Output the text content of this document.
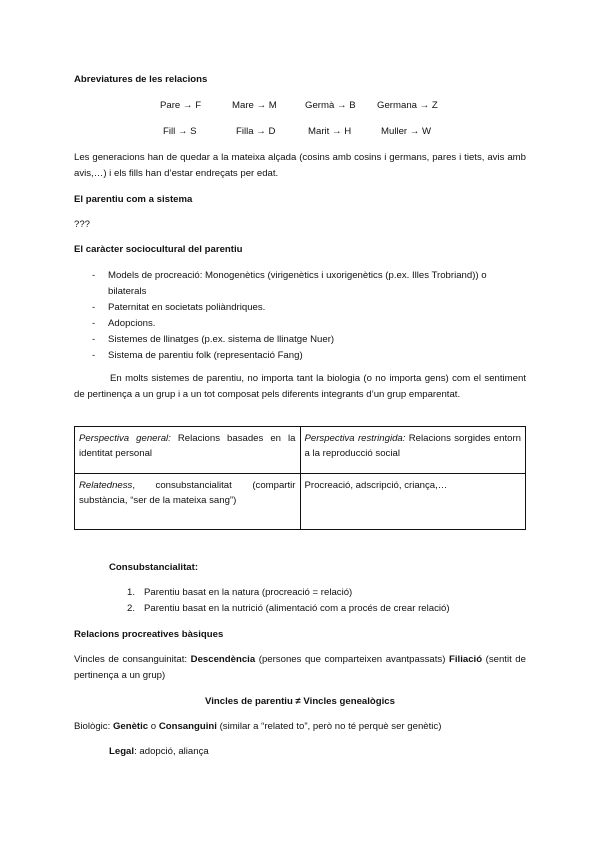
Abreviatures de les relacions
Pare → F	Mare → M	Germà → B Germana → Z
Fill → S	Filla → D	Marit → H	Muller → W
Les generacions han de quedar a la mateixa alçada (cosins amb cosins i germans, pares i tiets, avis amb avis,…) i els fills han d’estar endreçats per edat.
El parentiu com a sistema
???
El caràcter sociocultural del parentiu
- Models de procreació: Monogenètics (virigenètics i uxorigenètics (p.ex. Illes Trobriand)) o bilaterals
- Paternitat en societats poliàndriques.
- Adopcions.
- Sistemes de llinatges (p.ex. sistema de llinatge Nuer)
- Sistema de parentiu folk (representació Fang)
En molts sistemes de parentiu, no importa tant la biologia (o no importa gens) com el sentiment de pertinença a un grup i a un tot composat pels diferents integrants d’un grup emparentat.
Perspectiva general: Relacions basades en la identitat personal	Perspectiva restringida: Relacions sorgides entorn a la reproducció social
Relatedness, consubstancialitat (compartir substància, “ser de la mateixa sang”)	Procreació, adscripció, criança,…
Consubstancialitat:
1. Parentiu basat en la natura (procreació = relació)
2. Parentiu basat en la nutrició (alimentació com a procés de crear relació)
Relacions procreatives bàsiques
Vincles de consanguinitat: Descendència (persones que comparteixen avantpassats) Filiació (sentit de pertinença a un grup)
Vincles de parentiu ≠ Vincles genealògics
Biològic: Genètic o Consanguini (similar a “related to”, però no té perquè ser genètic)
Legal: adopció, aliança
